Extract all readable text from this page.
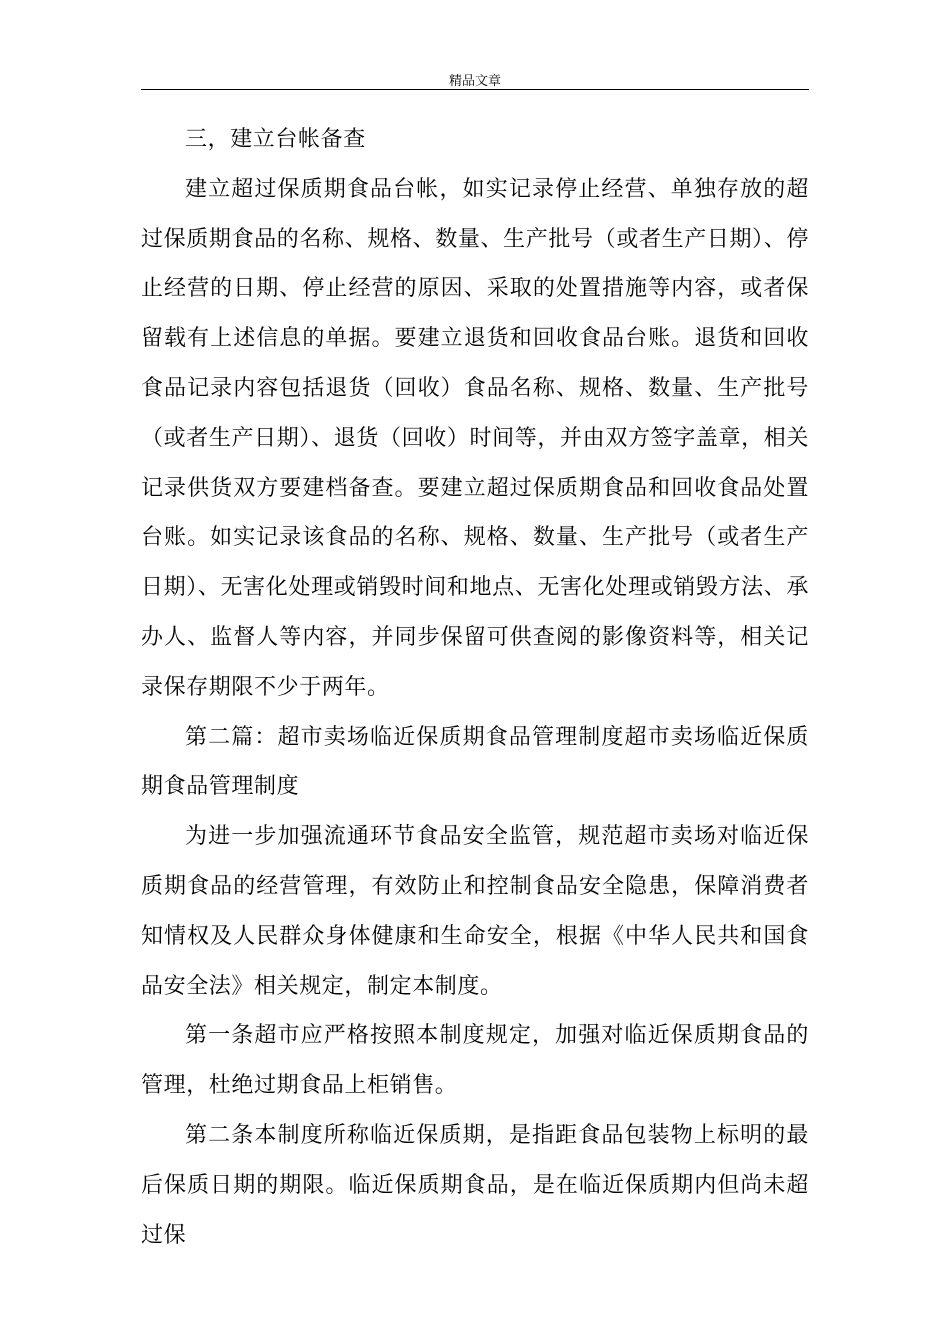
精品文章

三，建立台帐备查

建立超过保质期食品台帐，如实记录停止经营、单独存放的超过保质期食品的名称、规格、数量、生产批号（或者生产日期）、停止经营的日期、停止经营的原因、采取的处置措施等内容，或者保留载有上述信息的单据。要建立退货和回收食品台账。退货和回收食品记录内容包括退货（回收）食品名称、规格、数量、生产批号（或者生产日期）、退货（回收）时间等，并由双方签字盖章，相关记录供货双方要建档备查。要建立超过保质期食品和回收食品处置台账。如实记录该食品的名称、规格、数量、生产批号（或者生产日期）、无害化处理或销毁时间和地点、无害化处理或销毁方法、承办人、监督人等内容，并同步保留可供查阅的影像资料等，相关记录保存期限不少于两年。

第二篇：超市卖场临近保质期食品管理制度超市卖场临近保质期食品管理制度

为进一步加强流通环节食品安全监管，规范超市卖场对临近保质期食品的经营管理，有效防止和控制食品安全隐患，保障消费者知情权及人民群众身体健康和生命安全，根据《中华人民共和国食品安全法》相关规定，制定本制度。

第一条超市应严格按照本制度规定，加强对临近保质期食品的管理，杜绝过期食品上柜销售。

第二条本制度所称临近保质期，是指距食品包装物上标明的最后保质日期的期限。临近保质期食品，是在临近保质期内但尚未超过保
